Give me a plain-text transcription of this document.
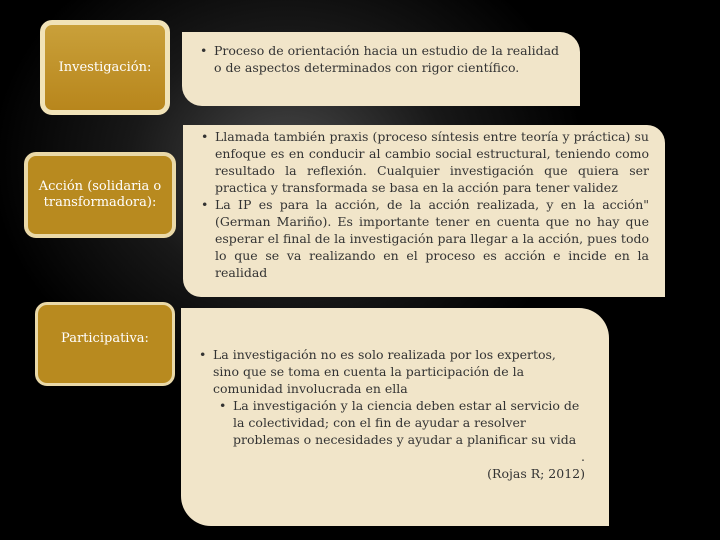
Investigación:
Acción (solidaria o transformadora):
Participativa:
• Proceso de orientación hacia un estudio de la realidad o de aspectos determinados con rigor científico.
• Llamada también praxis (proceso síntesis entre teoría y práctica) su enfoque es en conducir al cambio social estructural, teniendo como resultado la reflexión. Cualquier investigación que quiera ser practica y transformada se basa en la acción para tener validez
• La IP es para la acción, de la acción realizada, y en la acción" (German Mariño). Es importante tener en cuenta que no hay que esperar el final de la investigación para llegar a la acción, pues todo lo que se va realizando en el proceso es acción e incide en la realidad
• La investigación no es solo realizada por los expertos, sino que se toma en cuenta la participación de la comunidad involucrada en ella
• La investigación y la ciencia deben estar al servicio de la colectividad; con el fin de ayudar a resolver problemas o necesidades y ayudar a planificar su vida
.
(Rojas R; 2012)
